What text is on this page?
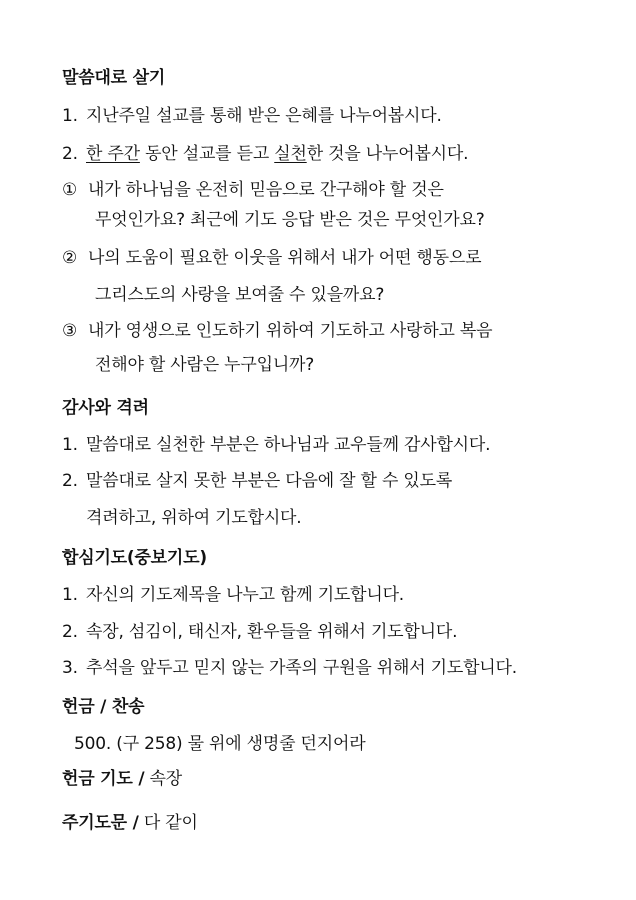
말씀대로 살기
1. 지난주일 설교를 통해 받은 은혜를 나누어봅시다.
2. 한 주간 동안 설교를 듣고 실천한 것을 나누어봅시다.
① 내가 하나님을 온전히 믿음으로 간구해야 할 것은
무엇인가요? 최근에 기도 응답 받은 것은 무엇인가요?
② 나의 도움이 필요한 이웃을 위해서 내가 어떤 행동으로
그리스도의 사랑을 보여줄 수 있을까요?
③ 내가 영생으로 인도하기 위하여 기도하고 사랑하고 복음
전해야 할 사람은 누구입니까?
감사와 격려
1. 말씀대로 실천한 부분은 하나님과 교우들께 감사합시다.
2. 말씀대로 살지 못한 부분은 다음에 잘 할 수 있도록
격려하고, 위하여 기도합시다.
합심기도(중보기도)
1. 자신의 기도제목을 나누고 함께 기도합니다.
2. 속장, 섬김이, 태신자, 환우들을 위해서 기도합니다.
3. 추석을 앞두고 믿지 않는 가족의 구원을 위해서 기도합니다.
헌금 / 찬송
500. (구 258) 물 위에 생명줄 던지어라
헌금 기도 / 속장
주기도문 / 다 같이
